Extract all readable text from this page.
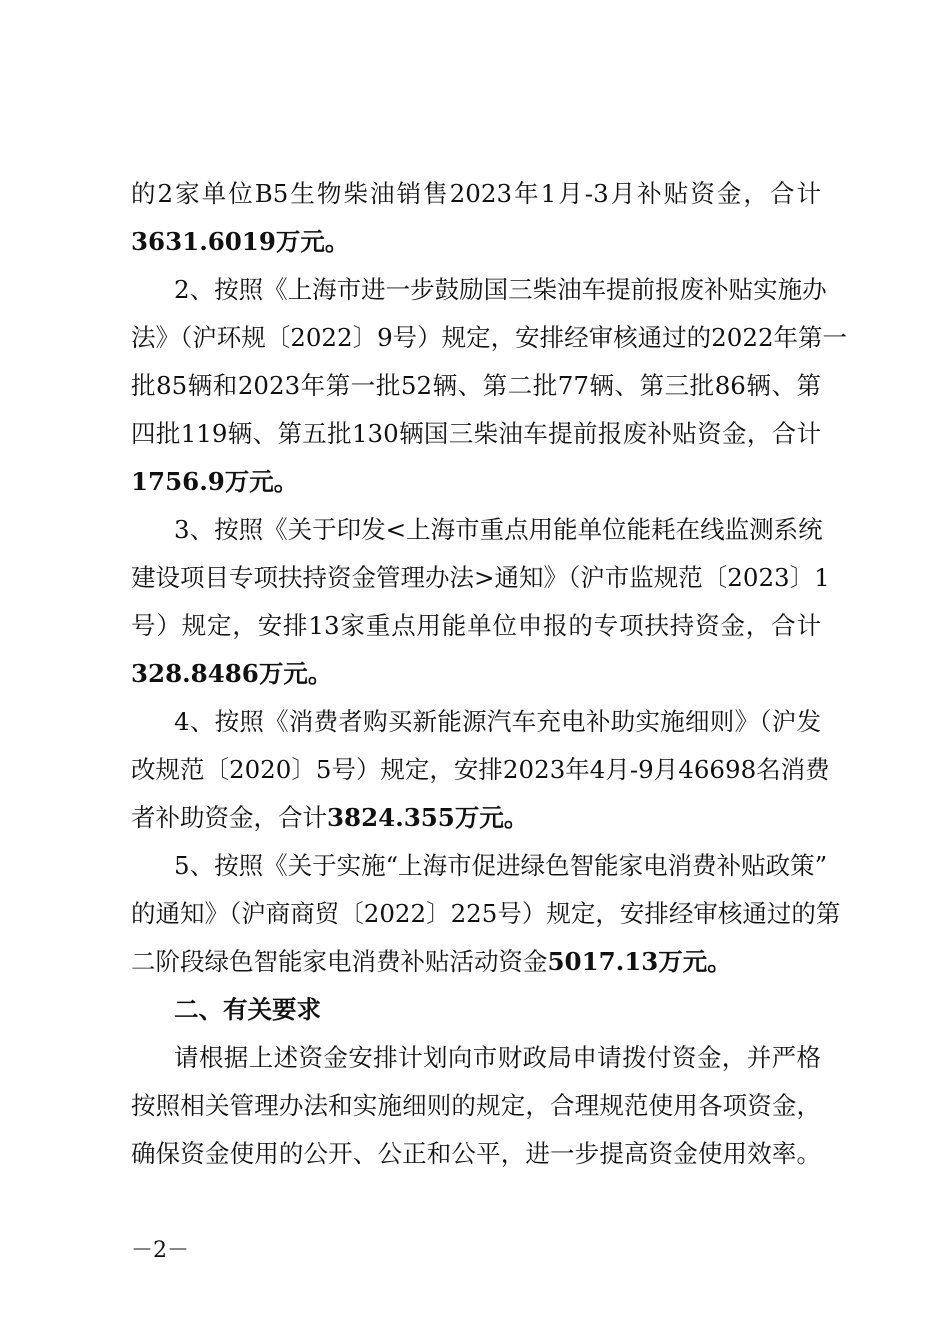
的2家单位B5生物柴油销售2023年1月-3月补贴资金，合计
3631.6019万元。
2、按照《上海市进一步鼓励国三柴油车提前报废补贴实施办
法》（沪环规〔2022〕9号）规定，安排经审核通过的2022年第一
批85辆和2023年第一批52辆、第二批77辆、第三批86辆、第
四批119辆、第五批130辆国三柴油车提前报废补贴资金，合计
1756.9万元。
3、按照《关于印发<上海市重点用能单位能耗在线监测系统
建设项目专项扶持资金管理办法>通知》（沪市监规范〔2023〕1
号）规定，安排13家重点用能单位申报的专项扶持资金，合计
328.8486万元。
4、按照《消费者购买新能源汽车充电补助实施细则》（沪发
改规范〔2020〕5号）规定，安排2023年4月-9月46698名消费
者补助资金，合计3824.355万元。
5、按照《关于实施“上海市促进绿色智能家电消费补贴政策”
的通知》（沪商商贸〔2022〕225号）规定，安排经审核通过的第
二阶段绿色智能家电消费补贴活动资金5017.13万元。
二、有关要求
请根据上述资金安排计划向市财政局申请拨付资金，并严格
按照相关管理办法和实施细则的规定，合理规范使用各项资金，
确保资金使用的公开、公正和公平，进一步提高资金使用效率。
－2－
